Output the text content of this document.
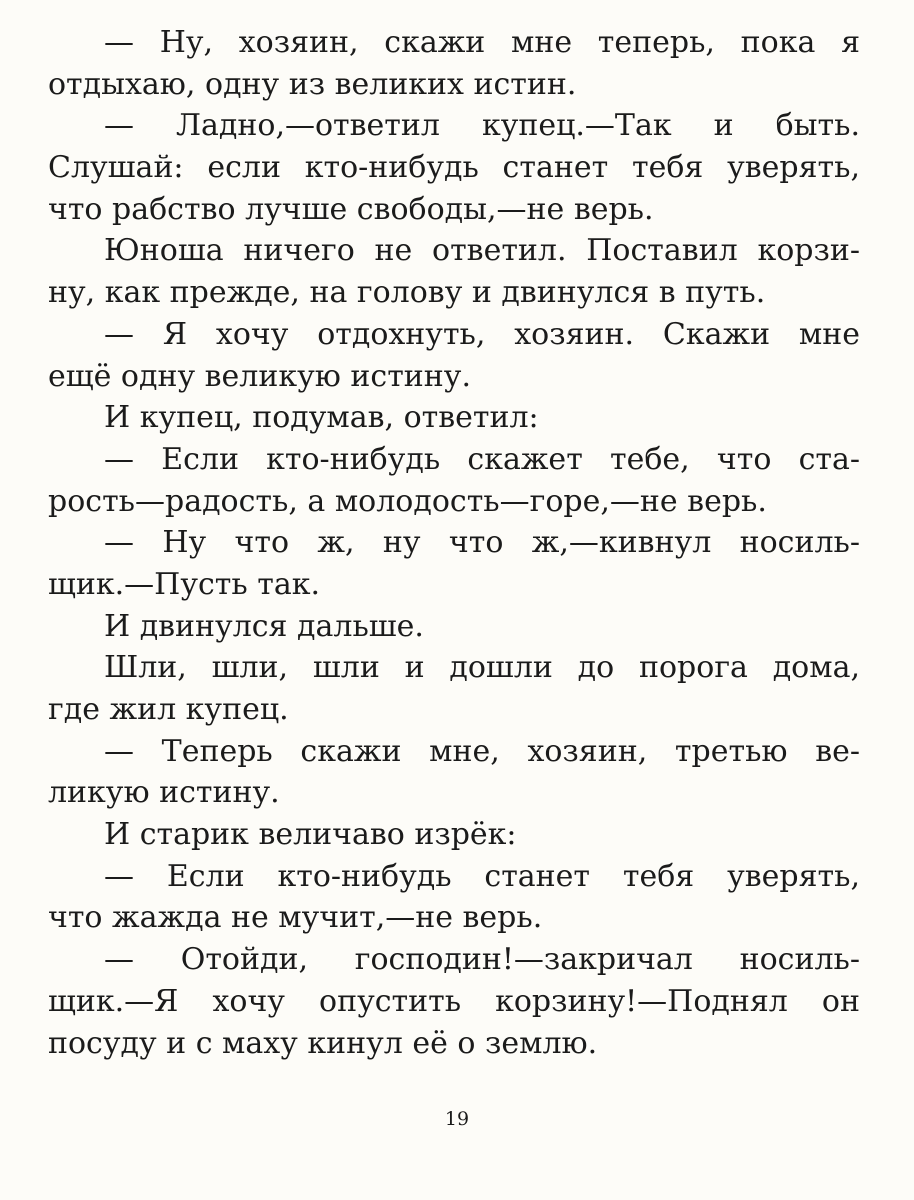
— Ну, хозяин, скажи мне теперь, пока я
отдыхаю, одну из великих истин.
— Ладно,—ответил купец.—Так и быть.
Слушай: если кто-нибудь станет тебя уверять,
что рабство лучше свободы,—не верь.
Юноша ничего не ответил. Поставил корзи-
ну, как прежде, на голову и двинулся в путь.
— Я хочу отдохнуть, хозяин. Скажи мне
ещё одну великую истину.
И купец, подумав, ответил:
— Если кто-нибудь скажет тебе, что ста-
рость—радость, а молодость—горе,—не верь.
— Ну что ж, ну что ж,—кивнул носиль-
щик.—Пусть так.
И двинулся дальше.
Шли, шли, шли и дошли до порога дома,
где жил купец.
— Теперь скажи мне, хозяин, третью ве-
ликую истину.
И старик величаво изрёк:
— Если кто-нибудь станет тебя уверять,
что жажда не мучит,—не верь.
— Отойди, господин!—закричал носиль-
щик.—Я хочу опустить корзину!—Поднял он
посуду и с маху кинул её о землю.
19
